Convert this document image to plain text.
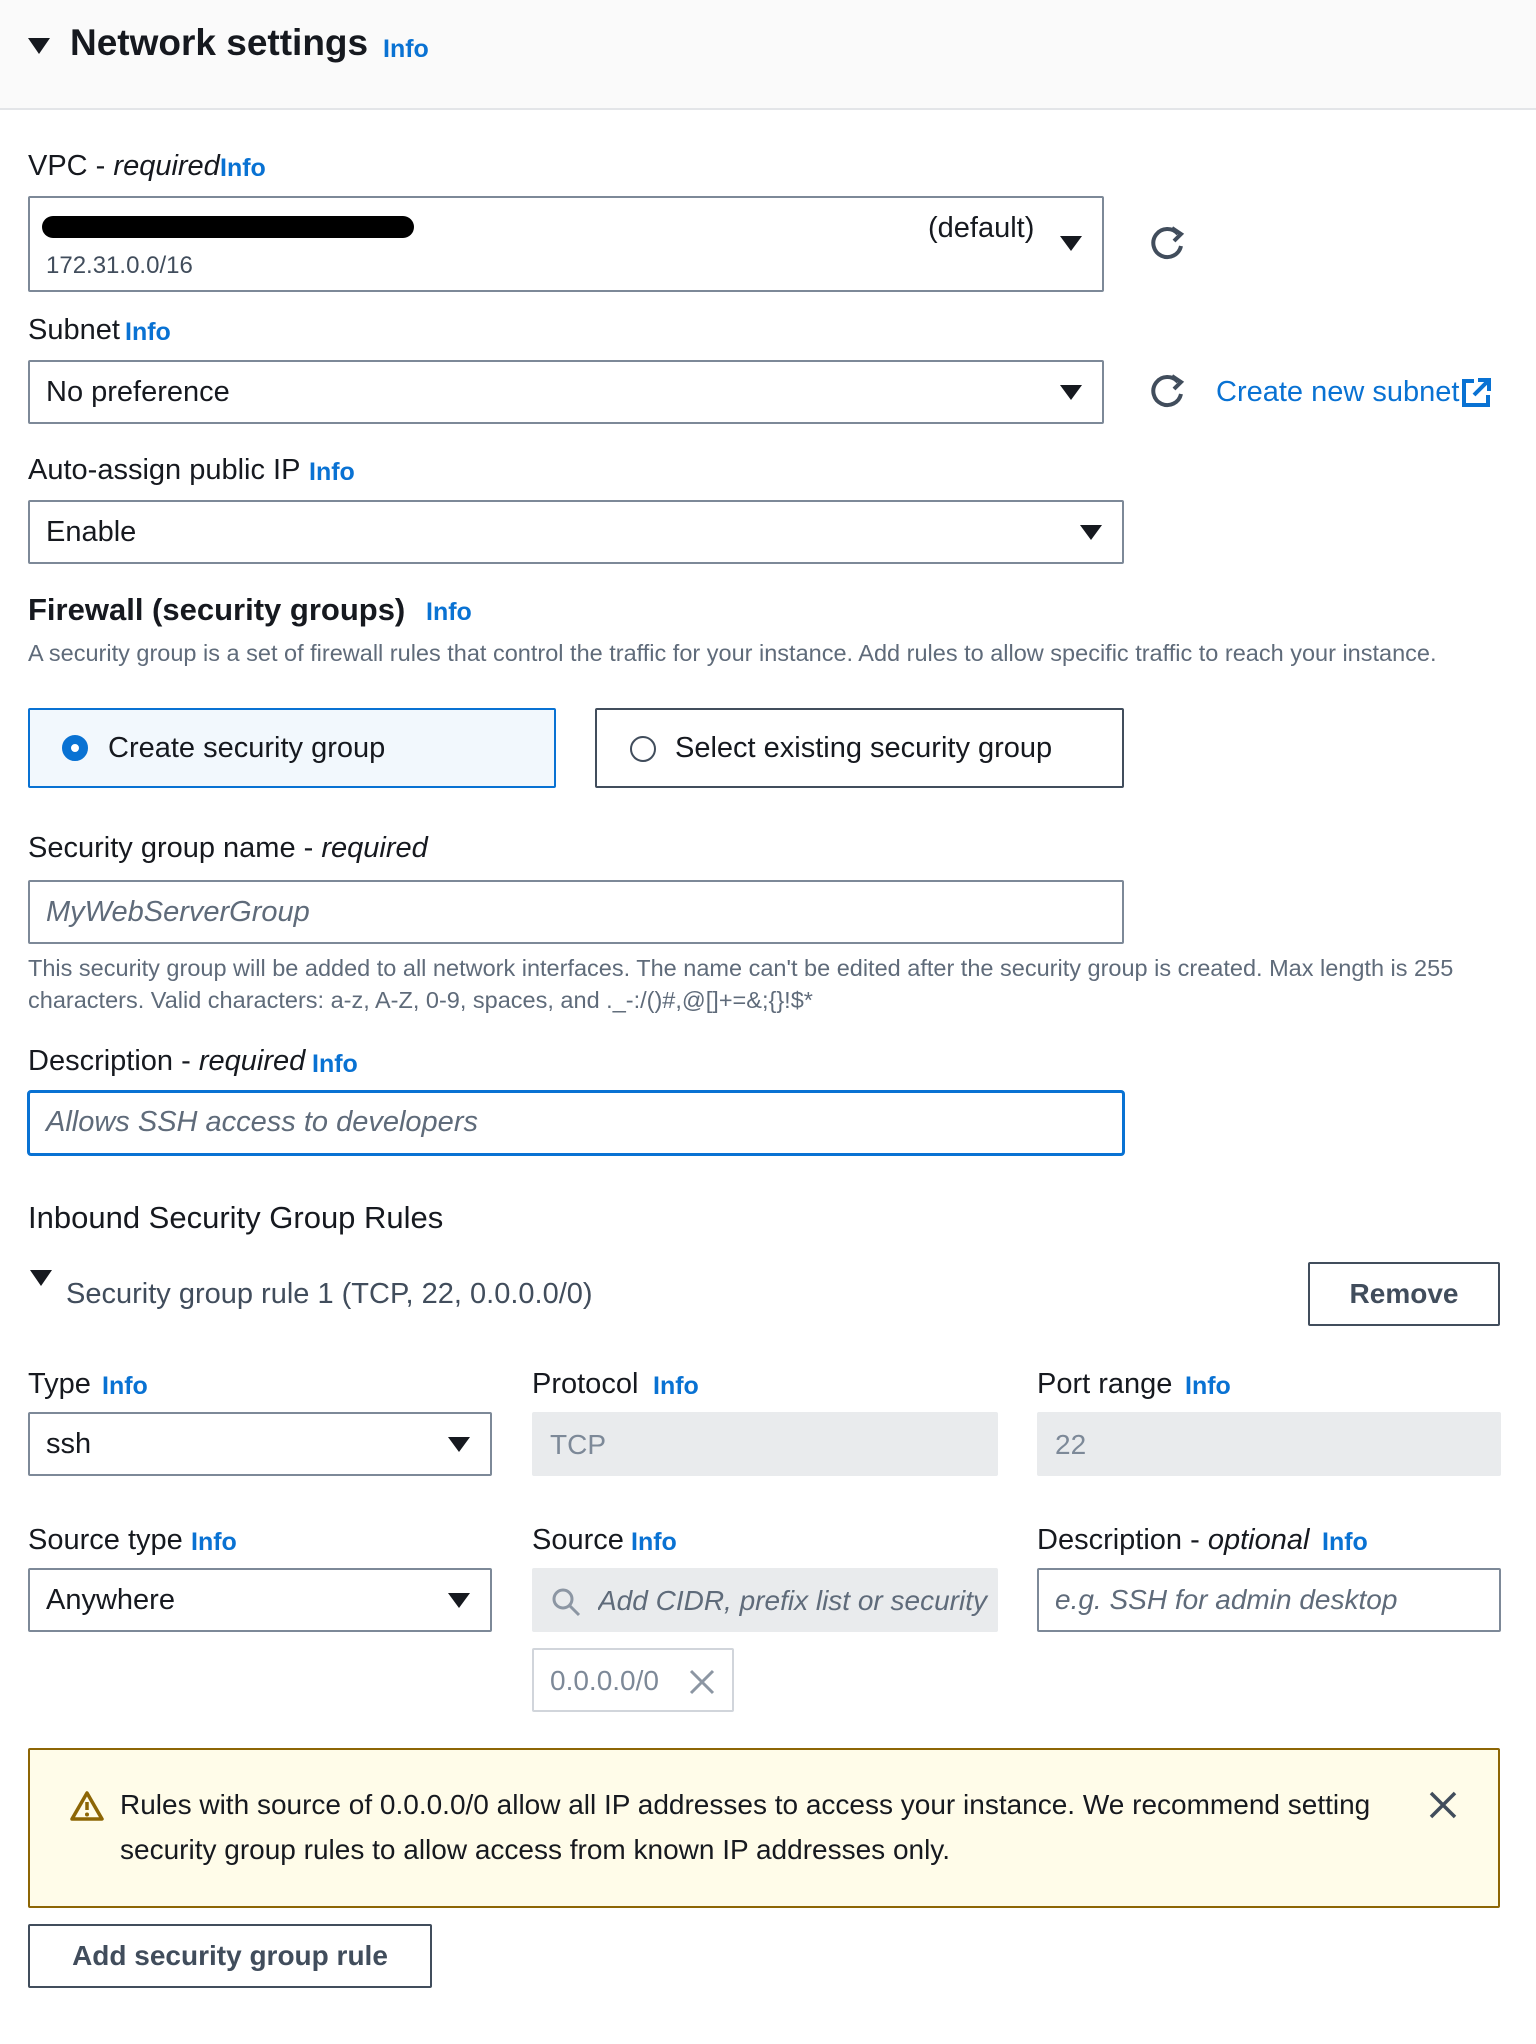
Network settings Info
VPC - required Info
(default)
172.31.0.0/16
Subnet Info
No preference	Create new subnet
Auto-assign public IP Info
Enable
Firewall (security groups) Info
A security group is a set of firewall rules that control the traffic for your instance. Add rules to allow specific traffic to reach your instance.
Create security group	Select existing security group
Security group name - required
MyWebServerGroup
This security group will be added to all network interfaces. The name can't be edited after the security group is created. Max length is 255 characters. Valid characters: a-z, A-Z, 0-9, spaces, and ._-:/()#,@[]+=&;{}!$*
Description - required Info
Allows SSH access to developers
Inbound Security Group Rules
Security group rule 1 (TCP, 22, 0.0.0.0/0)	Remove
Type Info
ssh
Protocol Info
TCP
Port range Info
22
Source type Info
Anywhere
Source Info
Add CIDR, prefix list or security
0.0.0.0/0
Description - optional Info
e.g. SSH for admin desktop
Rules with source of 0.0.0.0/0 allow all IP addresses to access your instance. We recommend setting security group rules to allow access from known IP addresses only.
Add security group rule
